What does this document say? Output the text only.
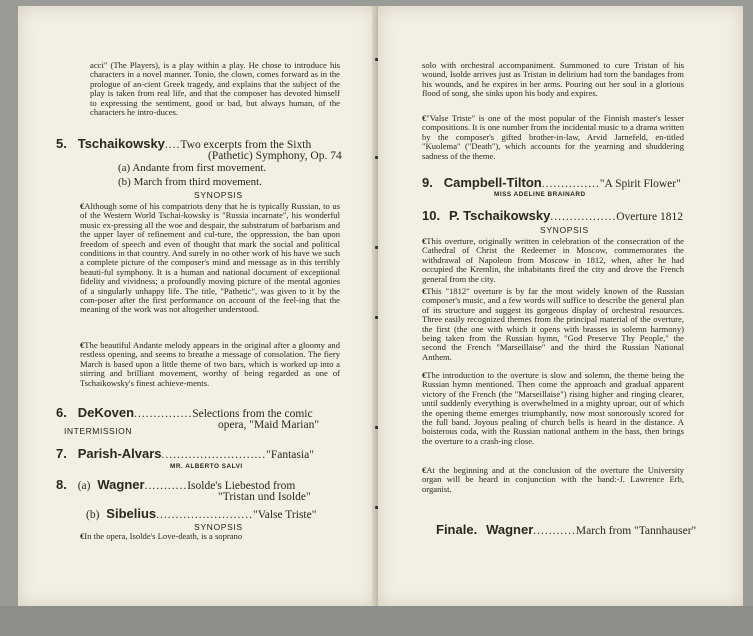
acci" (The Players), is a play within a play. He chose to introduce his characters in a novel manner. Tonio, the clown, comes forward as in the prologue of an-cient Greek tragedy, and explains that the subject of the play is taken from real life, and that the composer has devoted himself to expressing the sentiment, good or bad, but always human, of the characters he intro-duces.

5. Tschaikowsky....Two excerpts from the Sixth
(Pathetic) Symphony, Op. 74
(a) Andante from first movement.
(b) March from third movement.
SYNOPSIS

€Although some of his compatriots deny that he is typically Russian, to us of the Western World Tschai-kowsky is "Russia incarnate", his wonderful music ex-pressing all the woe and despair, the substratum of barbarism and the upper layer of refinement and cul-ture, the oppression, the ban upon freedom of speech and even of thought that mark the social and political conditions in that country. And surely in no other work of his have we such a complete picture of the composer's mind and message as in this terribly beauti-ful symphony. It is a human and national document of exceptional fidelity and vividness; a profoundly moving picture of the mental agonies of a singularly unhappy life. The title, "Pathetic", was given to it by the com-poser after the first performance on account of the feel-ing that the meaning of the work was not altogether understood.

€The beautiful Andante melody appears in the original after a gloomy and restless opening, and seems to breathe a message of consolation. The fiery March is based upon a little theme of two bars, which is worked up into a stirring and brilliant movement, worthy of being regarded as one of Tschaikowsky's finest achieve-ments.

6. DeKoven...............Selections from the comic
opera, "Maid Marian"
INTERMISSION
7. Parish-Alvars..........................."Fantasia"
MR. ALBERTO SALVI
8. (a) Wagner...........Isolde's Liebestod from
"Tristan und Isolde"
(b) Sibelius........................."Valse Triste"
SYNOPSIS

€In the opera, Isolde's Love-death, is a soprano

solo with orchestral accompaniment. Summoned to cure Tristan of his wound, Isolde arrives just as Tristan in delirium had torn the bandages from his wounds, and he expires in her arms. Pouring out her soul in a glorious flood of song, she sinks upon his body and expires.

€"Valse Triste" is one of the most popular of the Finnish master's lesser compositions. It is one number from the incidental music to a drama written by the composer's gifted brother-in-law, Arvid Jarnefeld, en-titled "Kuolema" ("Death"), which accounts for the yearning and shuddering sadness of the theme.

9. Campbell-Tilton..............."A Spirit Flower"
MISS ADELINE BRAINARD
10. P. Tschaikowsky.................Overture 1812
SYNOPSIS

€This overture, originally written in celebration of the consecration of the Cathedral of Christ the Redeemer in Moscow, commemorates the withdrawal of Napoleon from Moscow in 1812, when, after he had occupied the Kremlin, the inhabitants fired the city and drove the French general from the city.

€This "1812" overture is by far the most widely known of the Russian composer's music, and a few words will suffice to describe the general plan of its structure and suggest its gorgeous display of orchestral resources. Three easily recognized themes from the principal material of the overture, the first (the one with which it opens with brasses in solemn harmony) being taken from the Russian hymn, "God Preserve Thy People," the second the French "Marseillaise" and the third the Russian National Anthem.

€The introduction to the overture is slow and solemn, the theme being the Russian hymn mentioned. Then come the approach and gradual apparent victory of the French (the "Marseillaise") rising higher and ringing clearer, until suddenly everything is overwhelmed in a mighty uproar, out of which the opening theme emerges triumphantly, now most sonorously scored for the full band. Joyous pealing of church bells is heard in the distance. A boisterous coda, with the Russian national anthem in the bass, then brings the overture to a crash-ing close.

€At the beginning and at the conclusion of the overture the University organ will be heard in conjunction with the band:-J. Lawrence Erb, organist.

Finale. Wagner...........March from "Tannhauser"
